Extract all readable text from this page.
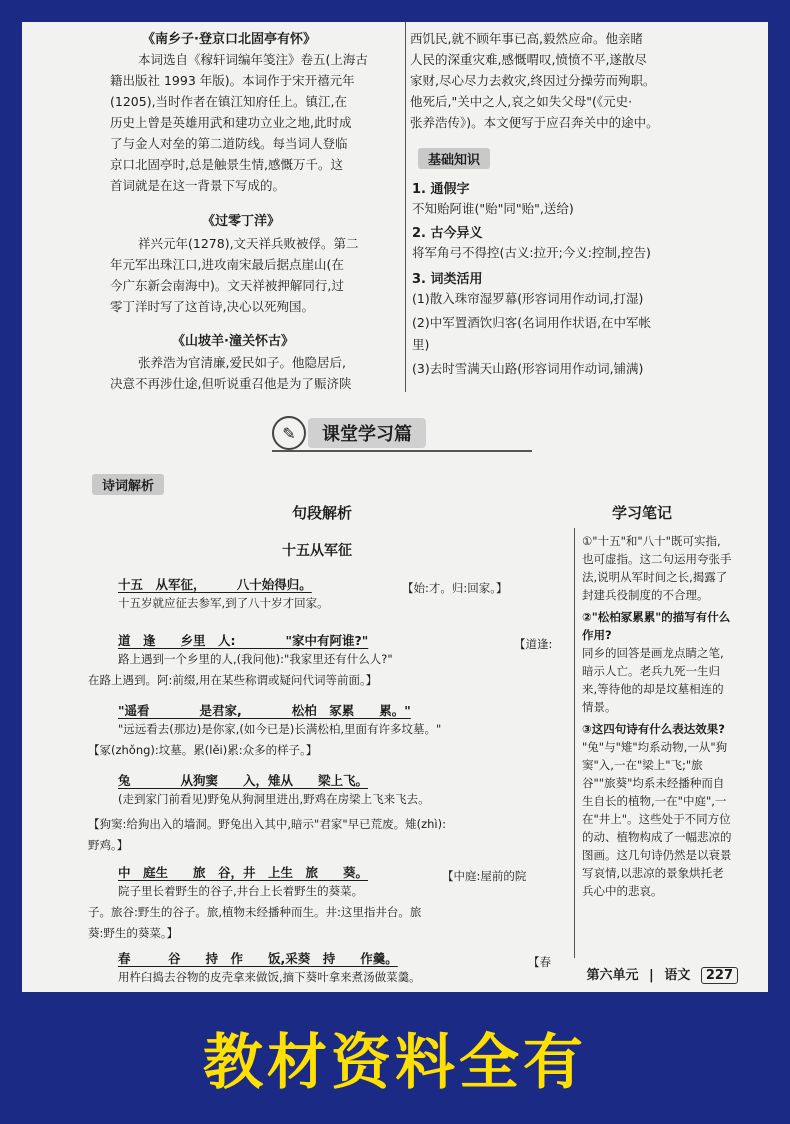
《南乡子·登京口北固亭有怀》
本词选自《稼轩词编年笺注》卷五(上海古
籍出版社 1993 年版)。本词作于宋开禧元年
(1205),当时作者在镇江知府任上。镇江,在
历史上曾是英雄用武和建功立业之地,此时成
了与金人对垒的第二道防线。每当词人登临
京口北固亭时,总是触景生情,感慨万千。这
首词就是在这一背景下写成的。
《过零丁洋》
祥兴元年(1278),文天祥兵败被俘。第二
年元军出珠江口,进攻南宋最后据点崖山(在
今广东新会南海中)。文天祥被押解同行,过
零丁洋时写了这首诗,决心以死殉国。
《山坡羊·潼关怀古》
张养浩为官清廉,爱民如子。他隐居后,
决意不再涉仕途,但听说重召他是为了赈济陕
西饥民,就不顾年事已高,毅然应命。他亲睹
人民的深重灾难,感慨喟叹,愤愤不平,遂散尽
家财,尽心尽力去救灾,终因过分操劳而殉职。
他死后,"关中之人,哀之如失父母"(《元史·
张养浩传》)。本文便写于应召奔关中的途中。
基础知识
1. 通假字
不知贻阿谁("贻"同"贻",送给)
2. 古今异义
将军角弓不得控(古义:拉开;今义:控制,控告)
3. 词类活用
(1)散入珠帘湿罗幕(形容词用作动词,打湿)
(2)中军置酒饮归客(名词用作状语,在中军帐
里)
(3)去时雪满天山路(形容词用作动词,铺满)
✎	课堂学习篇
诗词解析
句段解析	学习笔记
十五从军征
十五　从军征，　　　八十始得归。	【始:才。归:回家。】
十五岁就应征去参军,到了八十岁才回家。
道　逢　　乡里　人:　　　　"家中有阿谁?"	【道逢:
路上遇到一个乡里的人,(我问他):"我家里还有什么人?"
在路上遇到。阿:前缀,用在某些称谓或疑问代词等前面。】
"遥看　　　　是君家,　　　　松柏　冢累　　累。"
"远远看去(那边)是你家,(如今已是)长满松柏,里面有许多坟墓。"
【冢(zhǒng):坟墓。累(lěi)累:众多的样子。】
兔　　　　从狗窦　　入，雉从　　梁上飞。
(走到家门前看见)野兔从狗洞里进出,野鸡在房梁上飞来飞去。
【狗窦:给狗出入的墙洞。野兔出入其中,暗示"君家"早已荒废。雉(zhì):
野鸡。】
中　庭生　　旅　谷，井　上生　旅　　葵。	【中庭:屋前的院
院子里长着野生的谷子,井台上长着野生的葵菜。
子。旅谷:野生的谷子。旅,植物未经播种而生。井:这里指井台。旅
葵:野生的葵菜。】
春　　　谷　　持　作　　饭,采葵　持　　作羹。	【春
用杵臼捣去谷物的皮壳拿来做饭,摘下葵叶拿来煮汤做菜羹。

①"十五"和"八十"既可实指,也可虚指。这二句运用夸张手法,说明从军时间之长,揭露了封建兵役制度的不合理。

②"松柏冢累累"的描写有什么作用?

同乡的回答是画龙点睛之笔,暗示人亡。老兵九死一生归来,等待他的却是坟墓相连的情景。

③这四句诗有什么表达效果?

"兔"与"雉"均系动物,一从"狗窦"入,一在"梁上"飞;"旅谷""旅葵"均系未经播种而自生自长的植物,一在"中庭",一在"井上"。这些处于不同方位的动、植物构成了一幅悲凉的图画。这几句诗仍然是以衰景写哀情,以悲凉的景象烘托老兵心中的悲哀。

第六单元 | 语文 227
教材资料全有
